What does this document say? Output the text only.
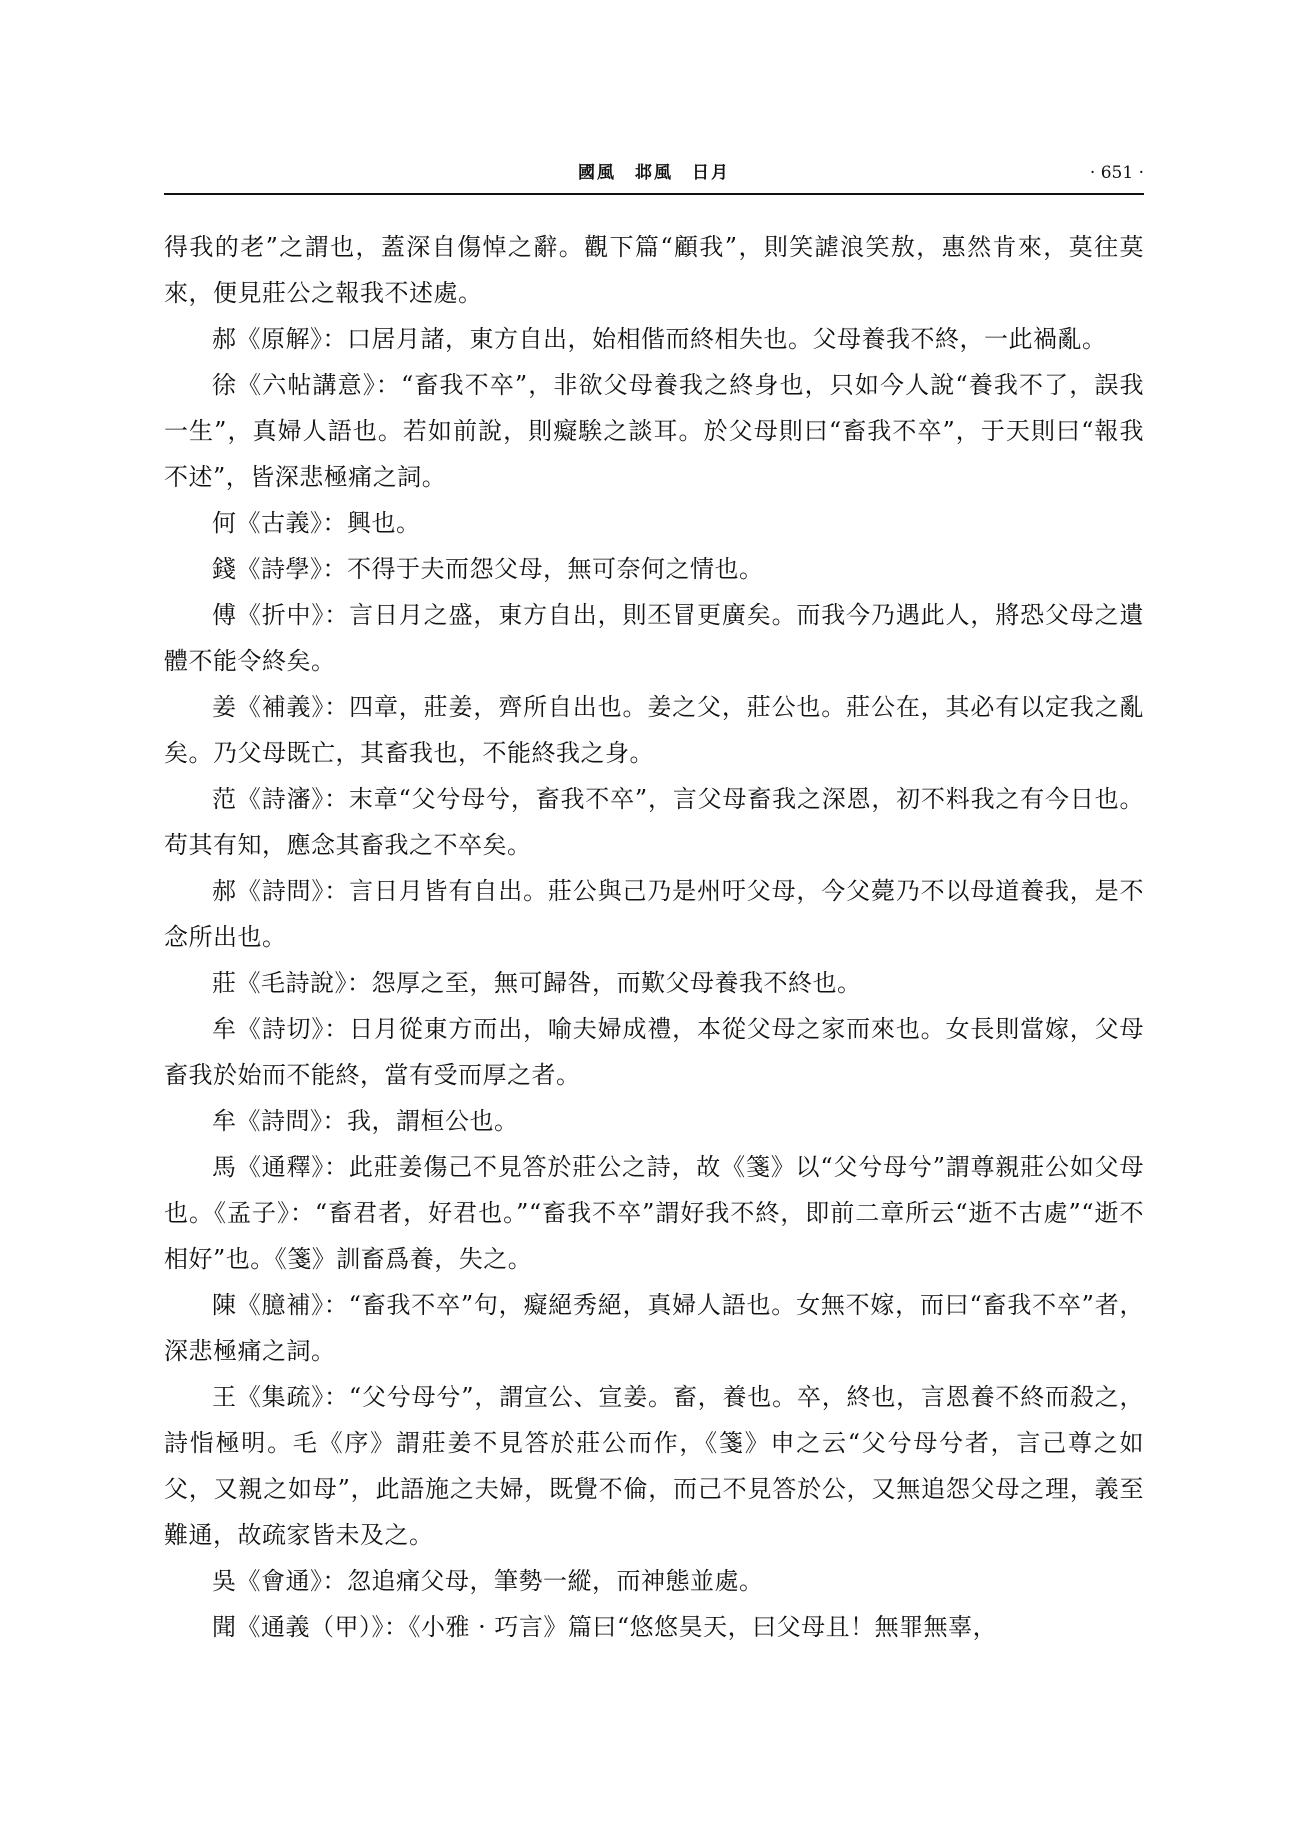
國風　邶風　日月	· 651 ·

得我的老”之謂也，蓋深自傷悼之辭。觀下篇“顧我”，則笑謔浪笑敖，惠然肯來，莫往莫來，便見莊公之報我不述處。

郝《原解》：口居月諸，東方自出，始相偕而終相失也。父母養我不終，一此禍亂。

徐《六帖講意》：“畜我不卒”，非欲父母養我之終身也，只如今人說“養我不了，誤我一生”，真婦人語也。若如前說，則癡騃之談耳。於父母則曰“畜我不卒”，于天則曰“報我不述”，皆深悲極痛之詞。

何《古義》：興也。

錢《詩學》：不得于夫而怨父母，無可奈何之情也。

傅《折中》：言日月之盛，東方自出，則丕冒更廣矣。而我今乃遇此人，將恐父母之遺體不能令終矣。

姜《補義》：四章，莊姜，齊所自出也。姜之父，莊公也。莊公在，其必有以定我之亂矣。乃父母既亡，其畜我也，不能終我之身。

范《詩瀋》：末章“父兮母兮，畜我不卒”，言父母畜我之深恩，初不料我之有今日也。苟其有知，應念其畜我之不卒矣。

郝《詩問》：言日月皆有自出。莊公與己乃是州吁父母，今父薨乃不以母道養我，是不念所出也。

莊《毛詩說》：怨厚之至，無可歸咎，而歎父母養我不終也。

牟《詩切》：日月從東方而出，喻夫婦成禮，本從父母之家而來也。女長則當嫁，父母畜我於始而不能終，當有受而厚之者。

牟《詩問》：我，謂桓公也。

馬《通釋》：此莊姜傷己不見答於莊公之詩，故《箋》以“父兮母兮”謂尊親莊公如父母也。《孟子》：“畜君者，好君也。”“畜我不卒”謂好我不終，即前二章所云“逝不古處”“逝不相好”也。《箋》訓畜爲養，失之。

陳《臆補》：“畜我不卒”句，癡絕秀絕，真婦人語也。女無不嫁，而曰“畜我不卒”者，深悲極痛之詞。

王《集疏》：“父兮母兮”，謂宣公、宣姜。畜，養也。卒，終也，言恩養不終而殺之，詩恉極明。毛《序》謂莊姜不見答於莊公而作，《箋》申之云“父兮母兮者，言己尊之如父，又親之如母”，此語施之夫婦，既覺不倫，而己不見答於公，又無追怨父母之理，義至難通，故疏家皆未及之。

吳《會通》：忽追痛父母，筆勢一縱，而神態並處。

聞《通義（甲）》：《小雅 · 巧言》篇曰“悠悠昊天，曰父母且！無罪無辜，
